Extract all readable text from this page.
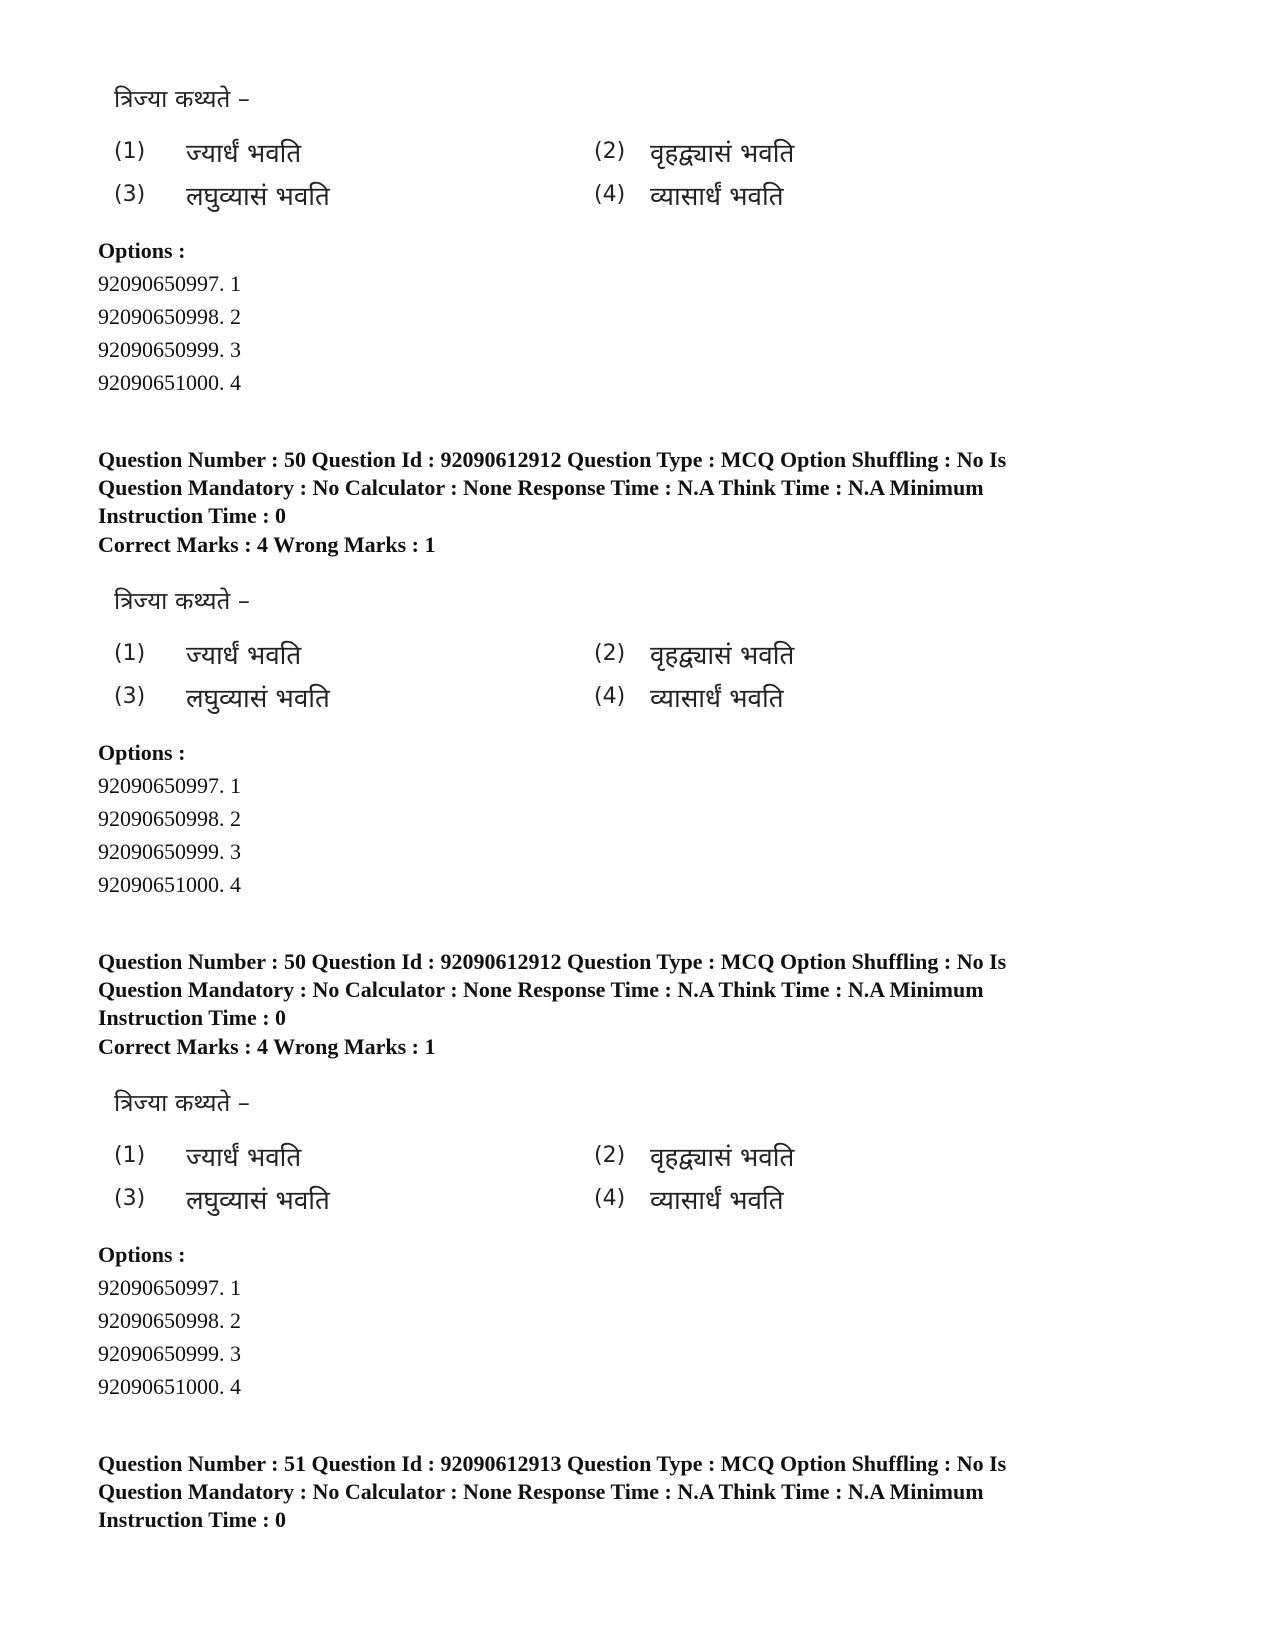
त्रिज्या कथ्यते –
(1) ज्यार्धं भवति	(2) वृहद्व्यासं भवति
(3) लघुव्यासं भवति	(4) व्यासार्धं भवति
Options :
92090650997. 1
92090650998. 2
92090650999. 3
92090651000. 4
Question Number : 50 Question Id : 92090612912 Question Type : MCQ Option Shuffling : No Is
Question Mandatory : No Calculator : None Response Time : N.A Think Time : N.A Minimum
Instruction Time : 0
Correct Marks : 4 Wrong Marks : 1
त्रिज्या कथ्यते –
(1) ज्यार्धं भवति	(2) वृहद्व्यासं भवति
(3) लघुव्यासं भवति	(4) व्यासार्धं भवति
Options :
92090650997. 1
92090650998. 2
92090650999. 3
92090651000. 4
Question Number : 50 Question Id : 92090612912 Question Type : MCQ Option Shuffling : No Is
Question Mandatory : No Calculator : None Response Time : N.A Think Time : N.A Minimum
Instruction Time : 0
Correct Marks : 4 Wrong Marks : 1
त्रिज्या कथ्यते –
(1) ज्यार्धं भवति	(2) वृहद्व्यासं भवति
(3) लघुव्यासं भवति	(4) व्यासार्धं भवति
Options :
92090650997. 1
92090650998. 2
92090650999. 3
92090651000. 4
Question Number : 51 Question Id : 92090612913 Question Type : MCQ Option Shuffling : No Is
Question Mandatory : No Calculator : None Response Time : N.A Think Time : N.A Minimum
Instruction Time : 0
